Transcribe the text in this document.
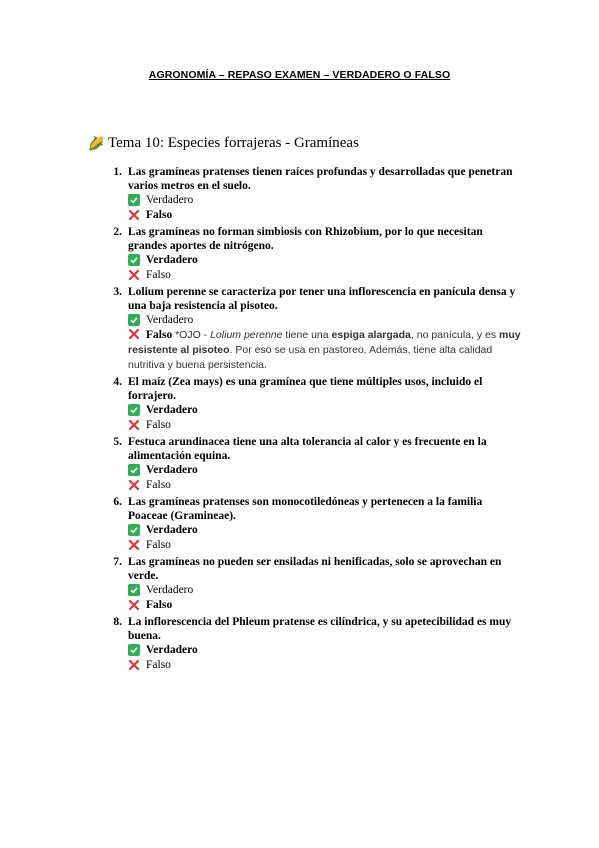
AGRONOMÍA – REPASO EXAMEN – VERDADERO O FALSO
🌽 Tema 10: Especies forrajeras - Gramíneas
1. Las gramíneas pratenses tienen raíces profundas y desarrolladas que penetran varios metros en el suelo.
Verdadero
Falso
2. Las gramíneas no forman simbiosis con Rhizobium, por lo que necesitan grandes aportes de nitrógeno.
Verdadero
Falso
3. Lolium perenne se caracteriza por tener una inflorescencia en panícula densa y una baja resistencia al pisoteo.
Verdadero
Falso *OJO - Lolium perenne tiene una espiga alargada, no panícula, y es muy resistente al pisoteo. Por eso se usa en pastoreo. Además, tiene alta calidad nutritiva y buena persistencia.
4. El maíz (Zea mays) es una gramínea que tiene múltiples usos, incluido el forrajero.
Verdadero
Falso
5. Festuca arundinacea tiene una alta tolerancia al calor y es frecuente en la alimentación equina.
Verdadero
Falso
6. Las gramíneas pratenses son monocotiledóneas y pertenecen a la familia Poaceae (Gramineae).
Verdadero
Falso
7. Las gramíneas no pueden ser ensiladas ni henificadas, solo se aprovechan en verde.
Verdadero
Falso
8. La inflorescencia del Phleum pratense es cilíndrica, y su apetecibilidad es muy buena.
Verdadero
Falso
